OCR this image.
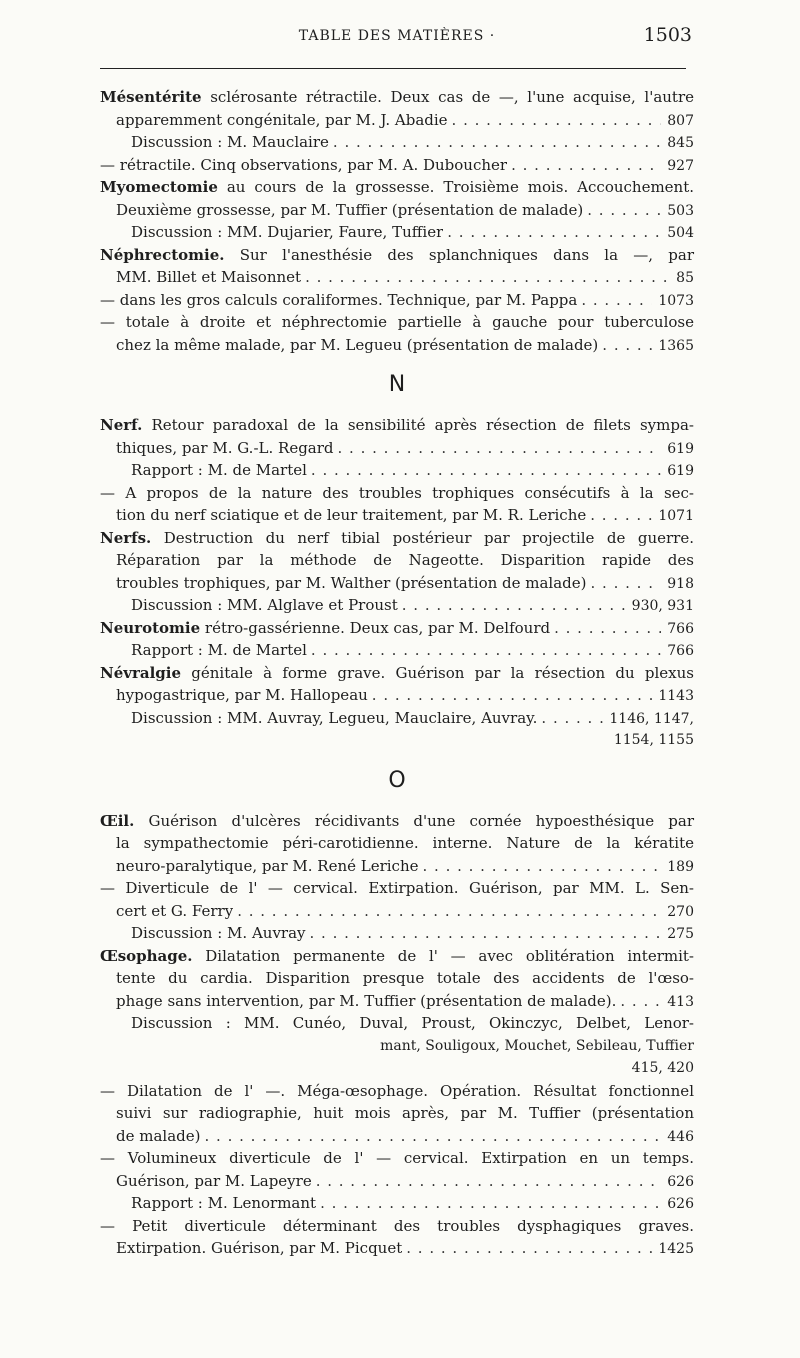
TABLE DES MATIÈRES ·	1503
Mésentérite sclérosante rétractile. Deux cas de —, l'une acquise, l'autre
apparemment congénitale, par M. J. Abadie . . .	807
Discussion : M. Mauclaire . . .	845
— rétractile. Cinq observations, par M. A. Duboucher . . .	927
Myomectomie au cours de la grossesse. Troisième mois. Accouchement.
Deuxième grossesse, par M. Tuffier (présentation de malade) . . .	503
Discussion : MM. Dujarier, Faure, Tuffier . . .	504
Néphrectomie. Sur l'anesthésie des splanchniques dans la —, par
MM. Billet et Maisonnet . . .	85
— dans les gros calculs coraliformes. Technique, par M. Pappa . . .	1073
— totale à droite et néphrectomie partielle à gauche pour tuberculose
chez la même malade, par M. Legueu (présentation de malade) . . .	1365
N
Nerf. Retour paradoxal de la sensibilité après résection de filets sympa-
thiques, par M. G.-L. Regard . . .	619
Rapport : M. de Martel . . .	619
— A propos de la nature des troubles trophiques consécutifs à la sec-
tion du nerf sciatique et de leur traitement, par M. R. Leriche . . .	1071
Nerfs. Destruction du nerf tibial postérieur par projectile de guerre.
Réparation par la méthode de Nageotte. Disparition rapide des
troubles trophiques, par M. Walther (présentation de malade) . . .	918
Discussion : MM. Alglave et Proust . . .	930, 931
Neurotomie rétro-gassérienne. Deux cas, par M. Delfourd . . .	766
Rapport : M. de Martel . . .	766
Névralgie génitale à forme grave. Guérison par la résection du plexus
hypogastrique, par M. Hallopeau . . .	1143
Discussion : MM. Auvray, Legueu, Mauclaire, Auvray. . . .	1146, 1147,
1154, 1155
O
Œil. Guérison d'ulcères récidivants d'une cornée hypoesthésique par
la sympathectomie péri-carotidienne. interne. Nature de la kératite
neuro-paralytique, par M. René Leriche . . .	189
— Diverticule de l' — cervical. Extirpation. Guérison, par MM. L. Sen-
cert et G. Ferry . . .	270
Discussion : M. Auvray . . .	275
Œsophage. Dilatation permanente de l' — avec oblitération intermit-
tente du cardia. Disparition presque totale des accidents de l'œso-
phage sans intervention, par M. Tuffier (présentation de malade). . . .	413
Discussion : MM. Cunéo, Duval, Proust, Okinczyc, Delbet, Lenor-
mant, Souligoux, Mouchet, Sebileau, Tuffier
415, 420
— Dilatation de l' —. Méga-œsophage. Opération. Résultat fonctionnel
suivi sur radiographie, huit mois après, par M. Tuffier (présentation
de malade) . . .	446
— Volumineux diverticule de l' — cervical. Extirpation en un temps.
Guérison, par M. Lapeyre . . .	626
Rapport : M. Lenormant . . .	626
— Petit diverticule déterminant des troubles dysphagiques graves.
Extirpation. Guérison, par M. Picquet . . .	1425
